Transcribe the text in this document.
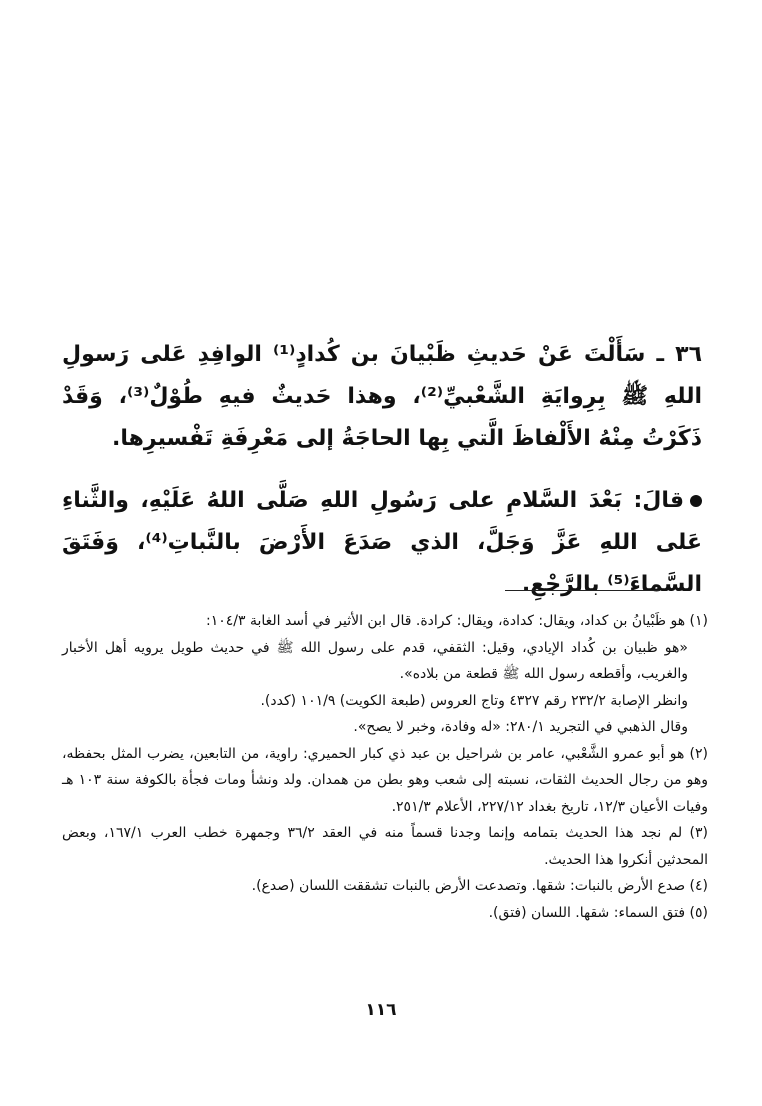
٣٦ ـ سَأَلْتَ عَنْ حَديثِ ظَبْيانَ بن كُدادٍ⁽¹⁾ الوافِدِ عَلى رَسولِ اللهِ ﷺ بِرِوايَةِ الشَّعْبيِّ⁽²⁾، وهذا حَديثٌ فيهِ طُوْلٌ⁽³⁾، وَقَدْ ذَكَرْتُ مِنْهُ الأَلْفاظَ الَّتي بِها الحاجَةُ إلى مَعْرِفَةِ تَفْسيرِها.

قالَ: بَعْدَ السَّلامِ على رَسُولِ اللهِ صَلَّى اللهُ عَلَيْهِ، والثَّناءِ عَلى اللهِ عَزَّ وَجَلَّ، الذي صَدَعَ الأَرْضَ بالنَّباتِ⁽⁴⁾، وَفَتَقَ السَّماءَ⁽⁵⁾ بالرَّجْعِ.

(١) هو ظَبْيانُ بن كداد، ويقال: كدادة، ويقال: كرادة. قال ابن الأثير في أسد الغابة ١٠٤/٣:

«هو ظبيان بن كُداد الإيادي، وقيل: الثقفي، قدم على رسول الله ﷺ في حديث طويل يرويه أهل الأخبار والغريب، وأقطعه رسول الله ﷺ قطعة من بلاده».

وانظر الإصابة ٢٣٢/٢ رقم ٤٣٢٧ وتاج العروس (طبعة الكويت) ١٠١/٩ (كدد).

وقال الذهبي في التجريد ٢٨٠/١: «له وفادة، وخبر لا يصح».

(٢) هو أبو عمرو الشَّعْبي، عامر بن شراحيل بن عبد ذي كبار الحميري: راوية، من التابعين، يضرب المثل بحفظه، وهو من رجال الحديث الثقات، نسبته إلى شعب وهو بطن من همدان. ولد ونشأ ومات فجأة بالكوفة سنة ١٠٣ هـ وفيات الأعيان ١٢/٣، تاريخ بغداد ٢٢٧/١٢، الأعلام ٢٥١/٣.

(٣) لم نجد هذا الحديث بتمامه وإنما وجدنا قسماً منه في العقد ٣٦/٢ وجمهرة خطب العرب ١٦٧/١، وبعض المحدثين أنكروا هذا الحديث.

(٤) صدع الأرض بالنبات: شقها. وتصدعت الأرض بالنبات تشققت اللسان (صدع).

(٥) فتق السماء: شقها. اللسان (فتق).

١١٦
